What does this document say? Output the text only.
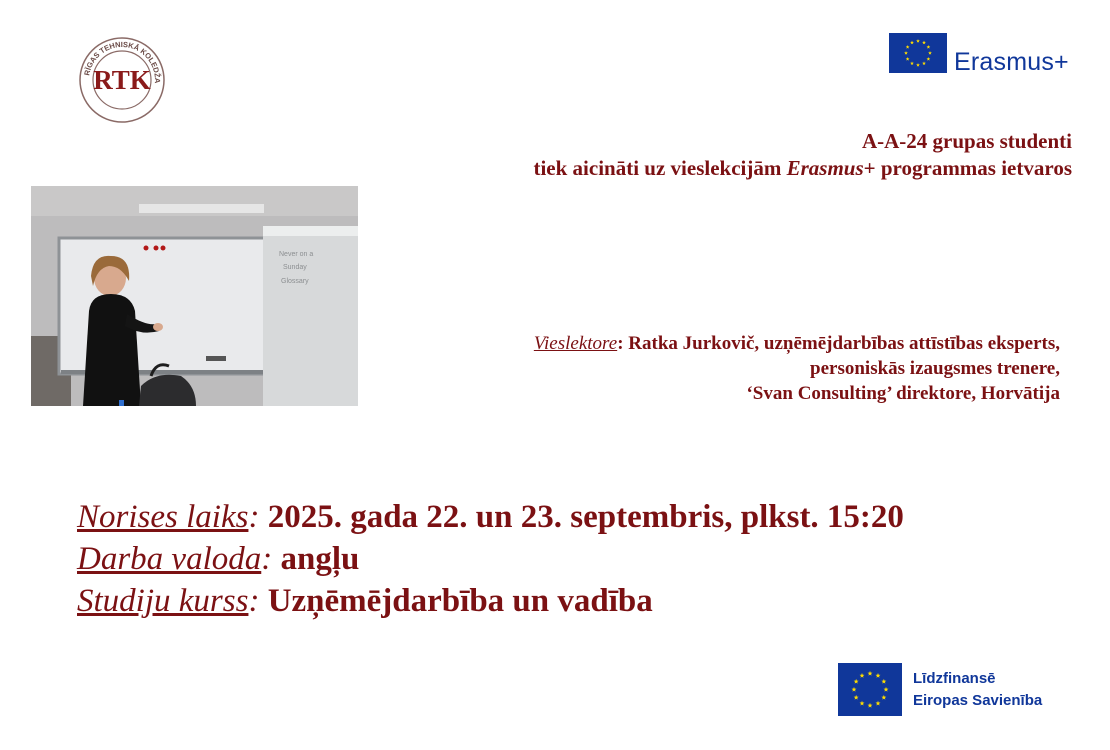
RĪGAS TEHNISKĀ KOLEDŽA
RTK
Erasmus+
A-A-24 grupas studenti
tiek aicināti uz vieslekcijām Erasmus+ programmas ietvaros
Never on a
Sunday
Glossary
Vieslektore: Ratka Jurkovič, uzņēmējdarbības attīstības eksperts,
personiskās izaugsmes trenere,
‘Svan Consulting’ direktore, Horvātija
Norises laiks: 2025. gada 22. un 23. septembris, plkst. 15:20
Darba valoda: angļu
Studiju kurss: Uzņēmējdarbība un vadība
Līdzfinansē
Eiropas Savienība
